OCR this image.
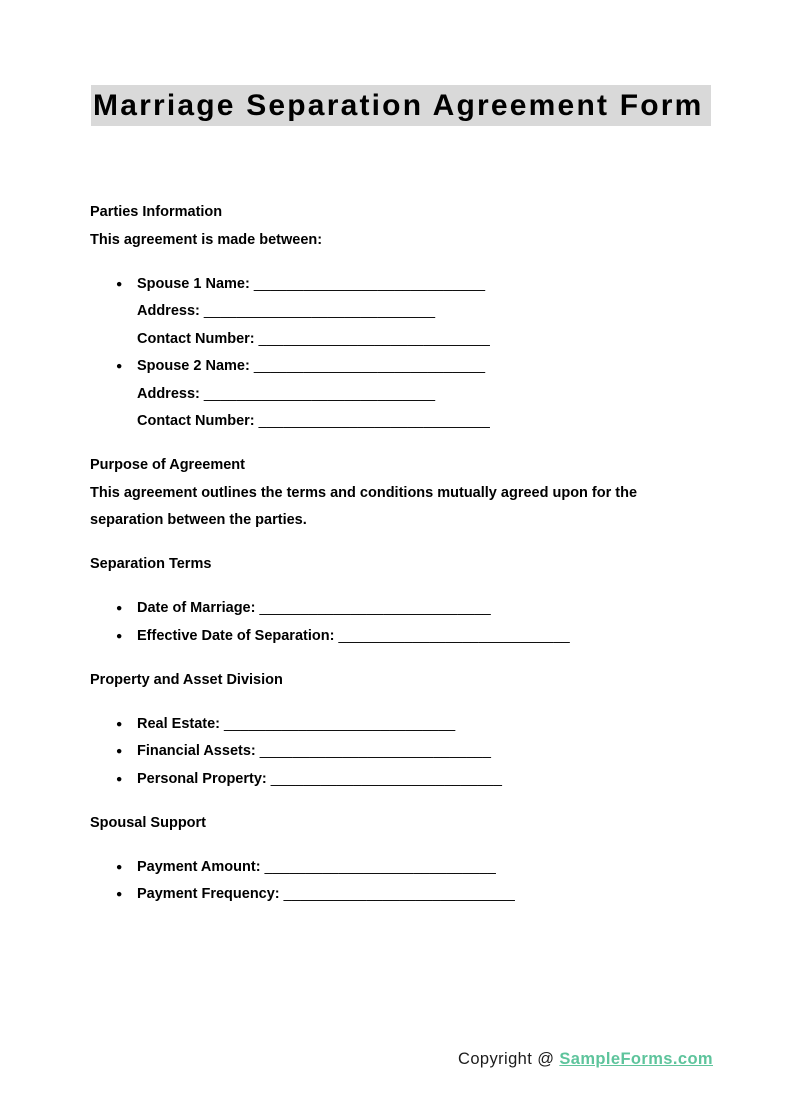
Marriage Separation Agreement Form
Parties Information
This agreement is made between:
● Spouse 1 Name: ____________________________
Address: ____________________________
Contact Number: ____________________________
● Spouse 2 Name: ____________________________
Address: ____________________________
Contact Number: ____________________________
Purpose of Agreement
This agreement outlines the terms and conditions mutually agreed upon for the separation between the parties.
Separation Terms
● Date of Marriage: ____________________________
● Effective Date of Separation: ____________________________
Property and Asset Division
● Real Estate: ____________________________
● Financial Assets: ____________________________
● Personal Property: ____________________________
Spousal Support
● Payment Amount: ____________________________
● Payment Frequency: ____________________________
Copyright @ SampleForms.com
